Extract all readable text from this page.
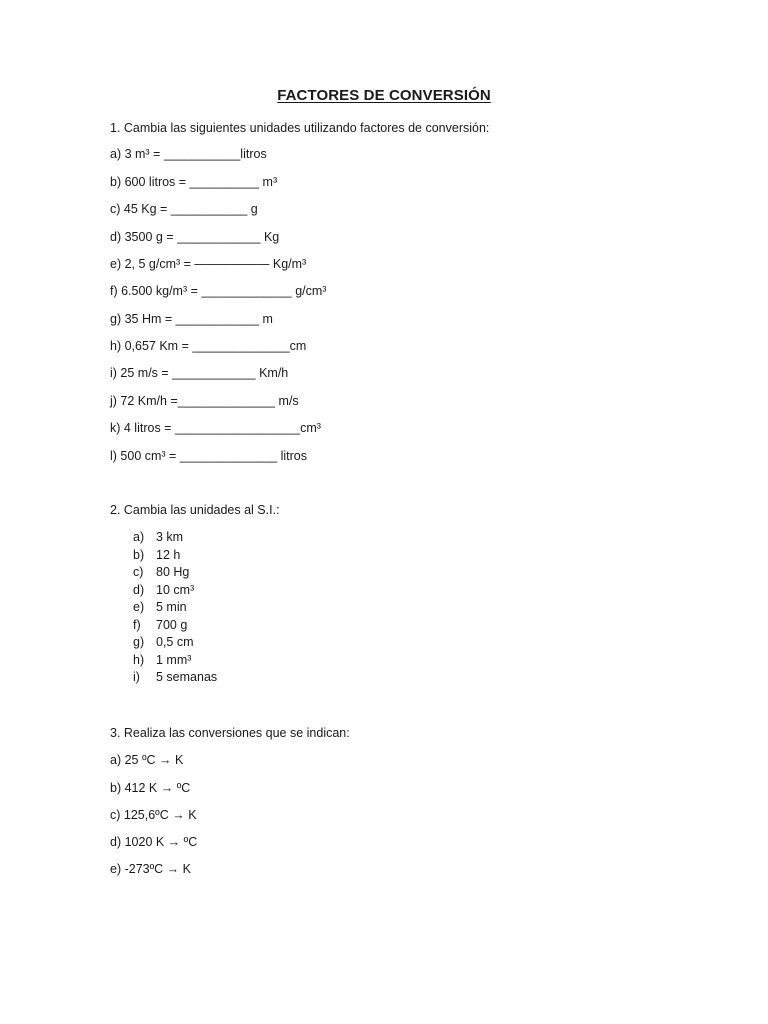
FACTORES DE CONVERSIÓN
1. Cambia las siguientes unidades utilizando factores de conversión:
a) 3 m³ = ___________litros
b) 600 litros = __________ m³
c) 45 Kg = ___________ g
d) 3500 g = ____________ Kg
e) 2, 5 g/cm³ = ―――――― Kg/m³
f) 6.500 kg/m³ = _____________ g/cm³
g) 35 Hm = ____________ m
h) 0,657 Km = ______________cm
i) 25 m/s = ____________ Km/h
j) 72 Km/h =______________ m/s
k) 4 litros = __________________cm³
l) 500 cm³ = ______________ litros
2. Cambia las unidades al S.I.:
a) 3 km
b) 12 h
c) 80 Hg
d) 10 cm³
e) 5 min
f) 700 g
g) 0,5 cm
h) 1 mm³
i) 5 semanas
3. Realiza las conversiones que se indican:
a) 25 ºC → K
b) 412 K → ºC
c) 125,6ºC → K
d) 1020 K → ºC
e) -273ºC → K
